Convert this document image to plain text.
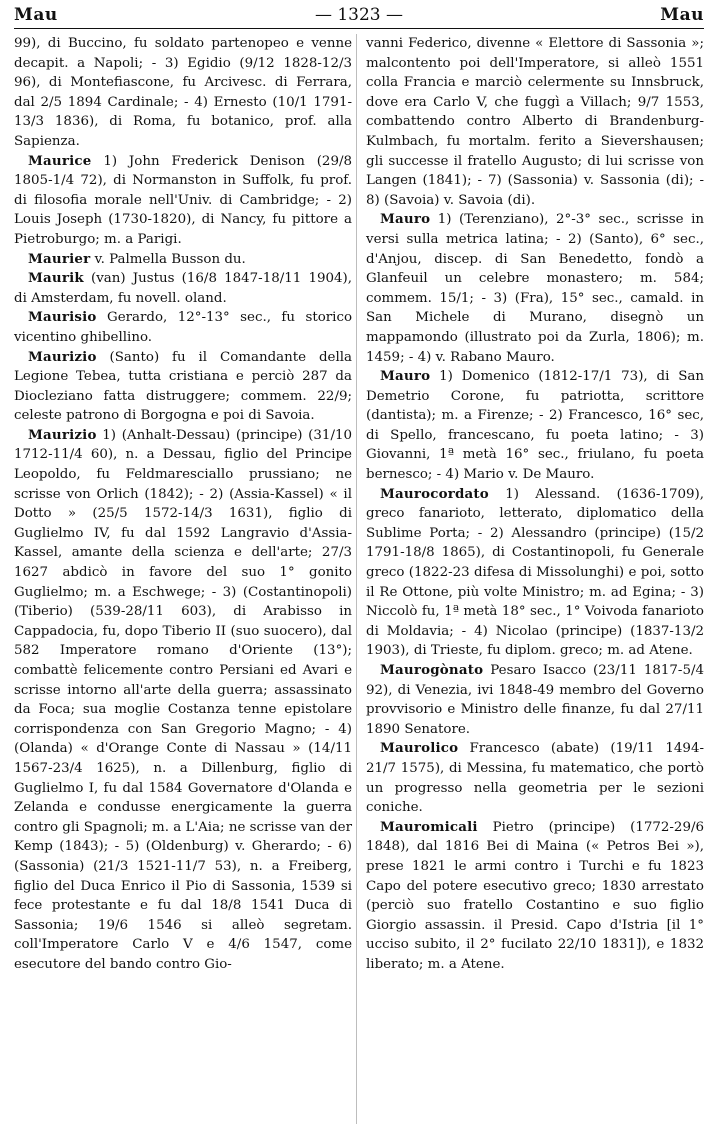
Mau	— 1323 —	Mau

99), di Buccino, fu soldato partenopeo e venne decapit. a Napoli; - 3) Egidio (9/12 1828-12/3 96), di Montefiascone, fu Arcivesc. di Ferrara, dal 2/5 1894 Cardinale; - 4) Ernesto (10/1 1791-13/3 1836), di Roma, fu botanico, prof. alla Sapienza.

Maurice 1) John Frederick Denison (29/8 1805-1/4 72), di Normanston in Suffolk, fu prof. di filosofia morale nell'Univ. di Cambridge; - 2) Louis Joseph (1730-1820), di Nancy, fu pittore a Pietroburgo; m. a Parigi.

Maurier v. Palmella Busson du.

Maurik (van) Justus (16/8 1847-18/11 1904), di Amsterdam, fu novell. oland.

Maurisio Gerardo, 12°-13° sec., fu storico vicentino ghibellino.

Maurizio (Santo) fu il Comandante della Legione Tebea, tutta cristiana e perciò 287 da Diocleziano fatta distruggere; commem. 22/9; celeste patrono di Borgogna e poi di Savoia.

Maurizio 1) (Anhalt-Dessau) (principe) (31/10 1712-11/4 60), n. a Dessau, figlio del Principe Leopoldo, fu Feldmaresciallo prussiano; ne scrisse von Orlich (1842); - 2) (Assia-Kassel) « il Dotto » (25/5 1572-14/3 1631), figlio di Guglielmo IV, fu dal 1592 Langravio d'Assia-Kassel, amante della scienza e dell'arte; 27/3 1627 abdicò in favore del suo 1° gonito Guglielmo; m. a Eschwege; - 3) (Costantinopoli) (Tiberio) (539-28/11 603), di Arabisso in Cappadocia, fu, dopo Tiberio II (suo suocero), dal 582 Imperatore romano d'Oriente (13°); combattè felicemente contro Persiani ed Avari e scrisse intorno all'arte della guerra; assassinato da Foca; sua moglie Costanza tenne epistolare corrispondenza con San Gregorio Magno; - 4) (Olanda) « d'Orange Conte di Nassau » (14/11 1567-23/4 1625), n. a Dillenburg, figlio di Guglielmo I, fu dal 1584 Governatore d'Olanda e Zelanda e condusse energicamente la guerra contro gli Spagnoli; m. a L'Aia; ne scrisse van der Kemp (1843); - 5) (Oldenburg) v. Gherardo; - 6) (Sassonia) (21/3 1521-11/7 53), n. a Freiberg, figlio del Duca Enrico il Pio di Sassonia, 1539 si fece protestante e fu dal 18/8 1541 Duca di Sassonia; 19/6 1546 si alleò segretam. coll'Imperatore Carlo V e 4/6 1547, come esecutore del bando contro Gio-

vanni Federico, divenne « Elettore di Sassonia »; malcontento poi dell'Imperatore, si alleò 1551 colla Francia e marciò celermente su Innsbruck, dove era Carlo V, che fuggì a Villach; 9/7 1553, combattendo contro Alberto di Brandenburg-Kulmbach, fu mortalm. ferito a Sievershausen; gli successe il fratello Augusto; di lui scrisse von Langen (1841); - 7) (Sassonia) v. Sassonia (di); - 8) (Savoia) v. Savoia (di).

Mauro 1) (Terenziano), 2°-3° sec., scrisse in versi sulla metrica latina; - 2) (Santo), 6° sec., d'Anjou, discep. di San Benedetto, fondò a Glanfeuil un celebre monastero; m. 584; commem. 15/1; - 3) (Fra), 15° sec., camald. in San Michele di Murano, disegnò un mappamondo (illustrato poi da Zurla, 1806); m. 1459; - 4) v. Rabano Mauro.

Mauro 1) Domenico (1812-17/1 73), di San Demetrio Corone, fu patriotta, scrittore (dantista); m. a Firenze; - 2) Francesco, 16° sec, di Spello, francescano, fu poeta latino; - 3) Giovanni, 1ª metà 16° sec., friulano, fu poeta bernesco; - 4) Mario v. De Mauro.

Maurocordato 1) Alessand. (1636-1709), greco fanarioto, letterato, diplomatico della Sublime Porta; - 2) Alessandro (principe) (15/2 1791-18/8 1865), di Costantinopoli, fu Generale greco (1822-23 difesa di Missolunghi) e poi, sotto il Re Ottone, più volte Ministro; m. ad Egina; - 3) Niccolò fu, 1ª metà 18° sec., 1° Voivoda fanarioto di Moldavia; - 4) Nicolao (principe) (1837-13/2 1903), di Trieste, fu diplom. greco; m. ad Atene.

Maurogònato Pesaro Isacco (23/11 1817-5/4 92), di Venezia, ivi 1848-49 membro del Governo provvisorio e Ministro delle finanze, fu dal 27/11 1890 Senatore.

Maurolico Francesco (abate) (19/11 1494-21/7 1575), di Messina, fu matematico, che portò un progresso nella geometria per le sezioni coniche.

Mauromicali Pietro (principe) (1772-29/6 1848), dal 1816 Bei di Maina (« Petros Bei »), prese 1821 le armi contro i Turchi e fu 1823 Capo del potere esecutivo greco; 1830 arrestato (perciò suo fratello Costantino e suo figlio Giorgio assassin. il Presid. Capo d'Istria [il 1° ucciso subito, il 2° fucilato 22/10 1831]), e 1832 liberato; m. a Atene.
